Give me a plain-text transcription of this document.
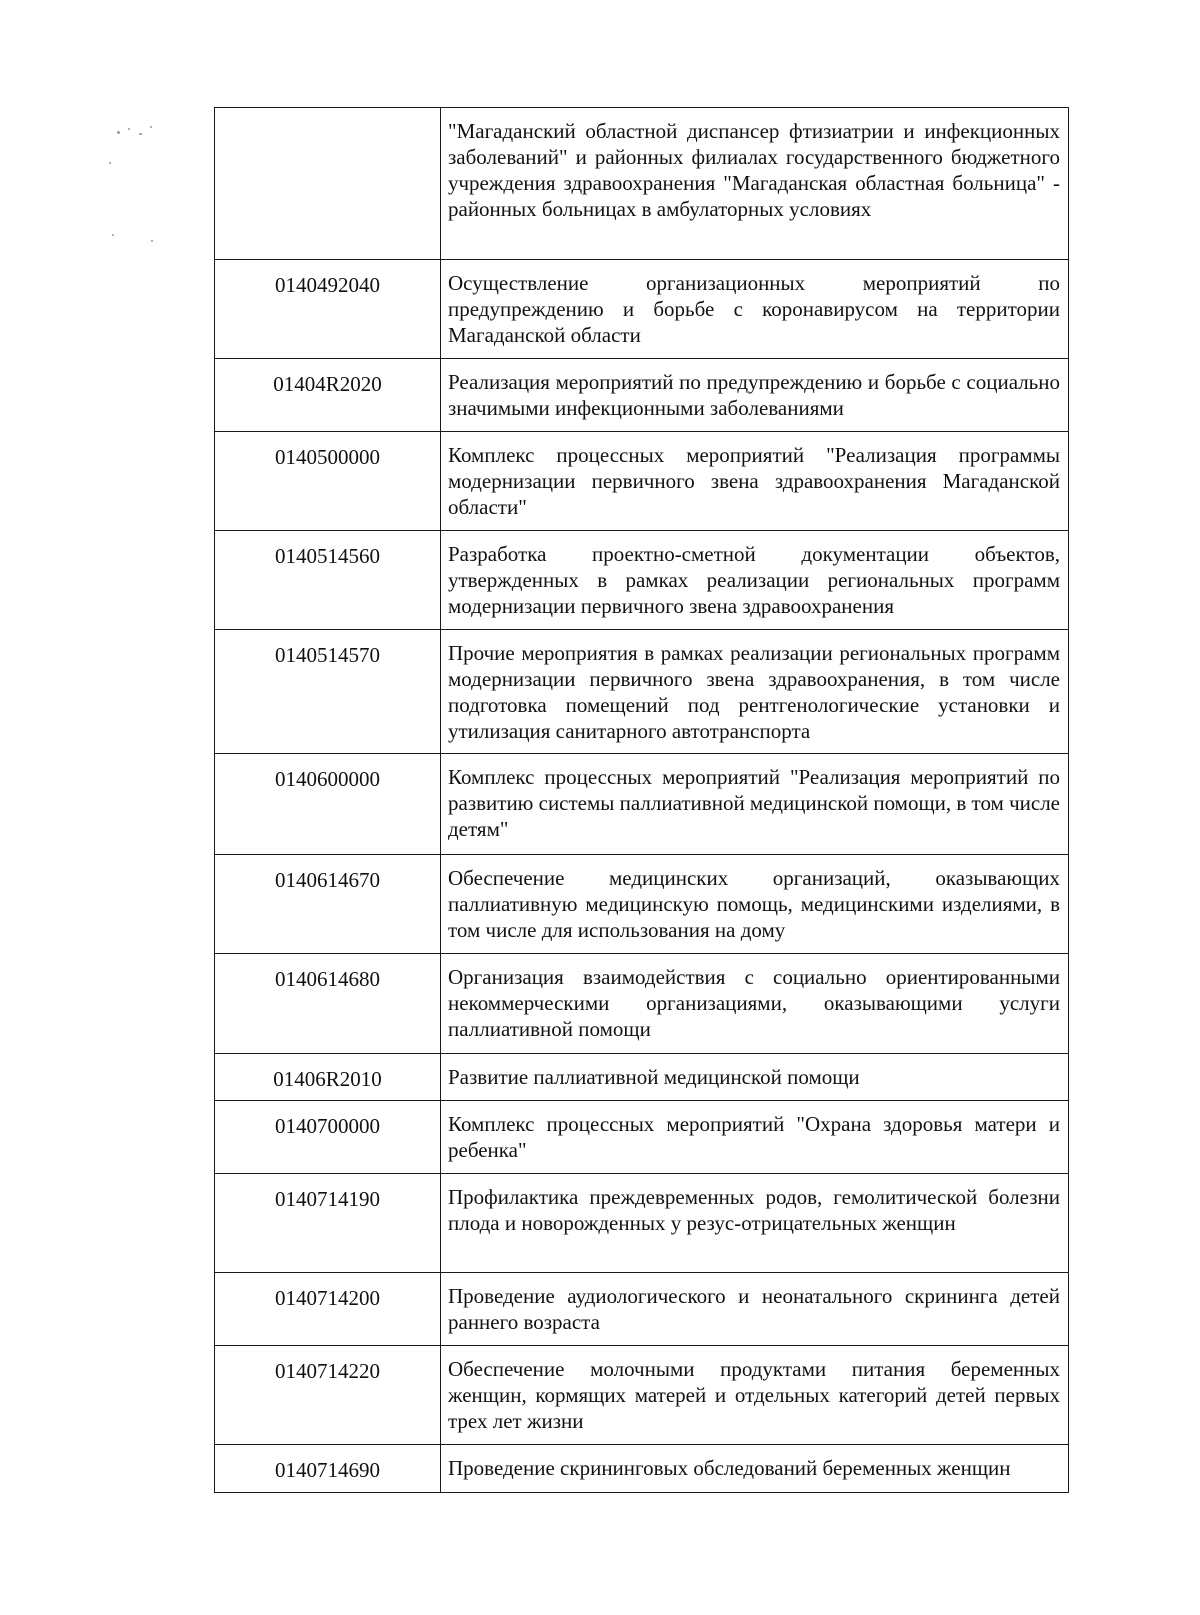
	"Магаданский областной диспансер фтизиатрии и инфекционных заболеваний" и районных филиалах государственного бюджетного учреждения здравоохранения "Магаданская областная больница" - районных больницах в амбулаторных условиях
0140492040	Осуществление организационных мероприятий по предупреждению и борьбе с коронавирусом на территории Магаданской области
01404R2020	Реализация мероприятий по предупреждению и борьбе с социально значимыми инфекционными заболеваниями
0140500000	Комплекс процессных мероприятий "Реализация программы модернизации первичного звена здравоохранения Магаданской области"
0140514560	Разработка проектно-сметной документации объектов, утвержденных в рамках реализации региональных программ модернизации первичного звена здравоохранения
0140514570	Прочие мероприятия в рамках реализации региональных программ модернизации первичного звена здравоохранения, в том числе подготовка помещений под рентгенологические установки и утилизация санитарного автотранспорта
0140600000	Комплекс процессных мероприятий "Реализация мероприятий по развитию системы паллиативной медицинской помощи, в том числе детям"
0140614670	Обеспечение медицинских организаций, оказывающих паллиативную медицинскую помощь, медицинскими изделиями, в том числе для использования на дому
0140614680	Организация взаимодействия с социально ориентированными некоммерческими организациями, оказывающими услуги паллиативной помощи
01406R2010	Развитие паллиативной медицинской помощи
0140700000	Комплекс процессных мероприятий "Охрана здоровья матери и ребенка"
0140714190	Профилактика преждевременных родов, гемолитической болезни плода и новорожденных у резус-отрицательных женщин
0140714200	Проведение аудиологического и неонатального скрининга детей раннего возраста
0140714220	Обеспечение молочными продуктами питания беременных женщин, кормящих матерей и отдельных категорий детей первых трех лет жизни
0140714690	Проведение скрининговых обследований беременных женщин
